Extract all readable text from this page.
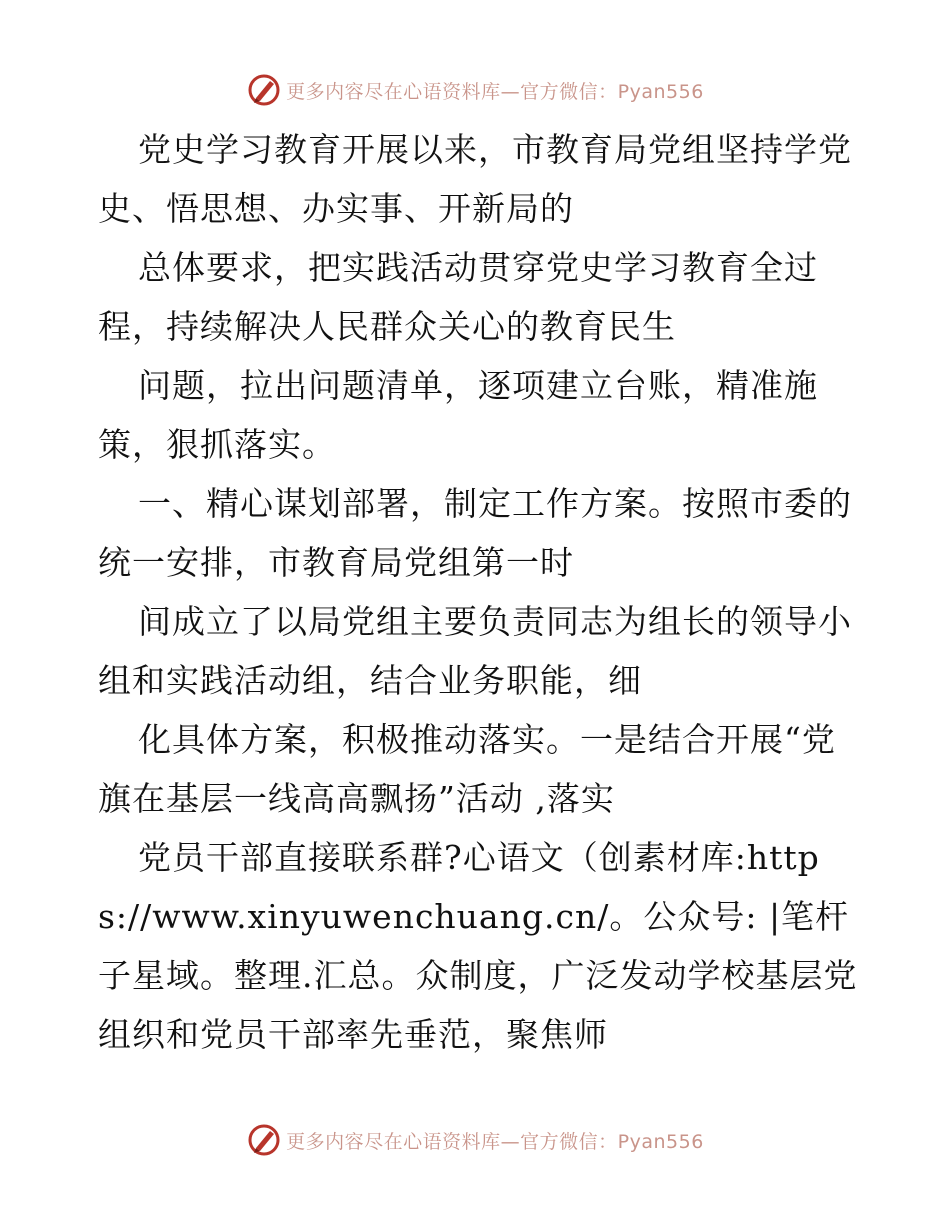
更多内容尽在心语资料库—官方微信：Pyan556

党史学习教育开展以来，市教育局党组坚持学党史、悟思想、办实事、开新局的

总体要求，把实践活动贯穿党史学习教育全过程，持续解决人民群众关心的教育民生

问题，拉出问题清单，逐项建立台账，精准施策，狠抓落实。

一、精心谋划部署，制定工作方案。按照市委的统一安排，市教育局党组第一时

间成立了以局党组主要负责同志为组长的领导小组和实践活动组，结合业务职能，细

化具体方案，积极推动落实。一是结合开展“党旗在基层一线高高飘扬”活动 ,落实

党员干部直接联系群?心语文（创素材库:https://www.xinyuwenchuang.cn/。公众号: |笔杆子星域。整理.汇总。众制度，广泛发动学校基层党组织和党员干部率先垂范，聚焦师

更多内容尽在心语资料库—官方微信：Pyan556
